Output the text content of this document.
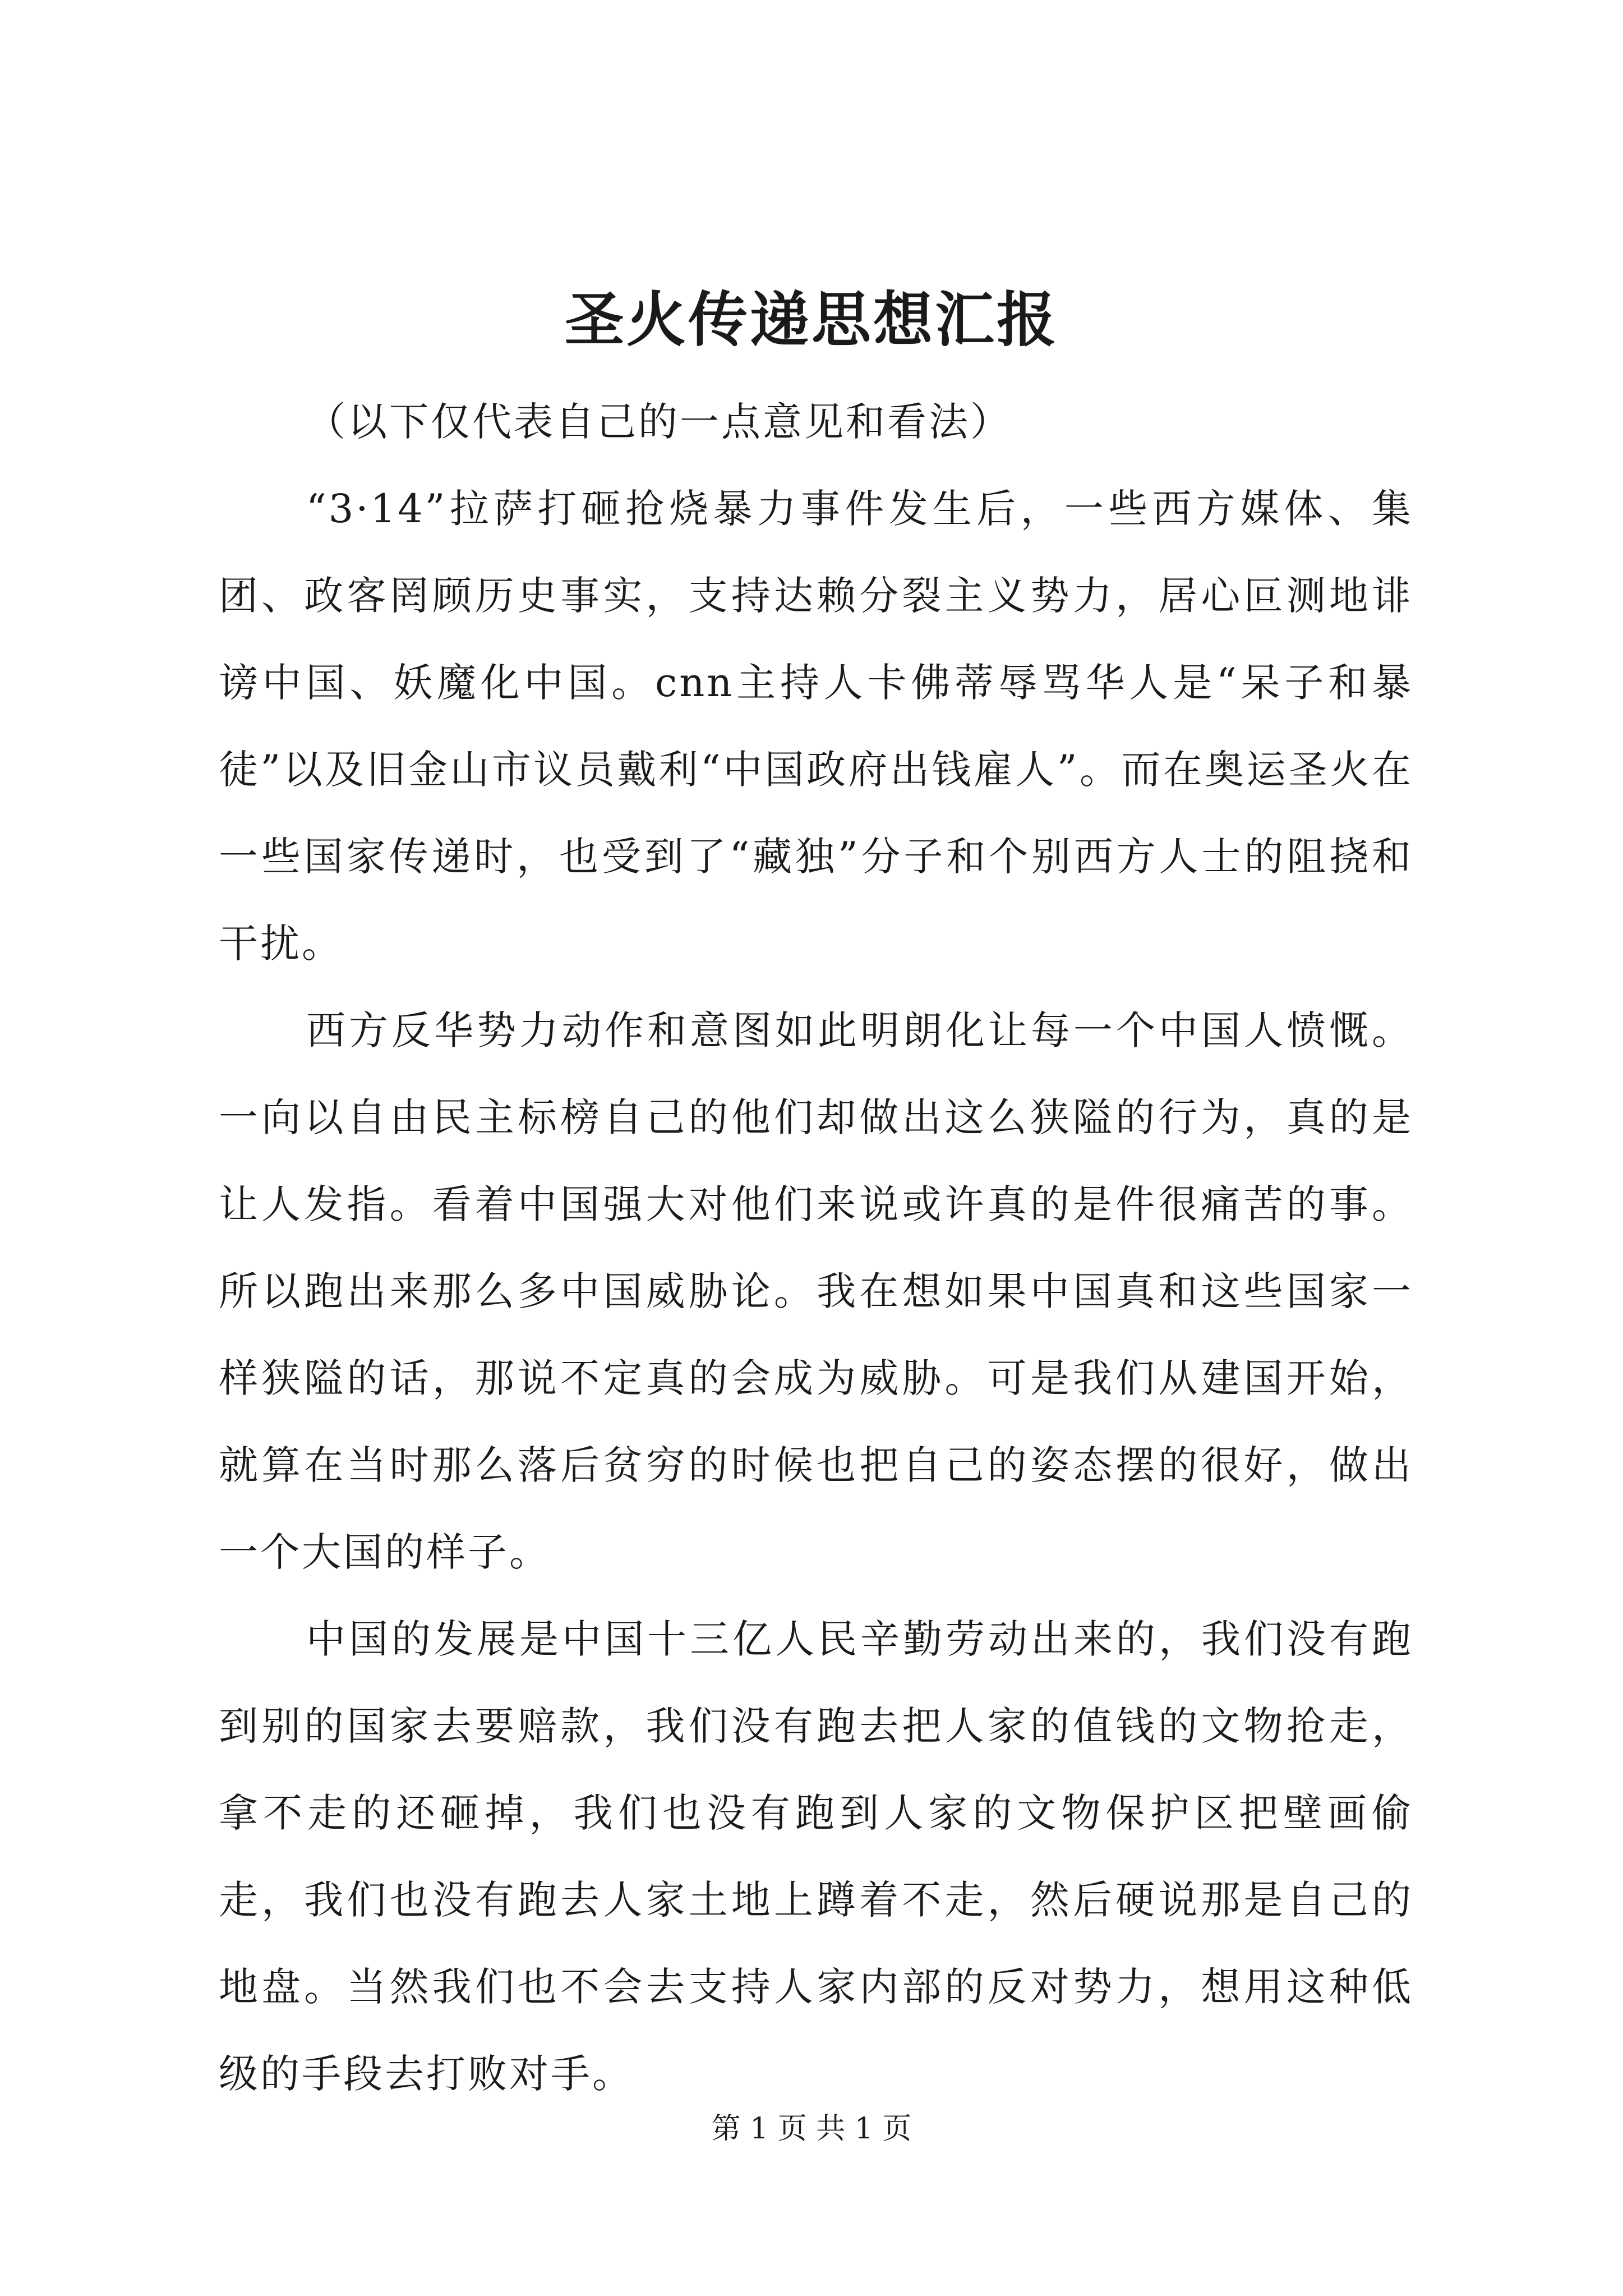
圣火传递思想汇报

（以下仅代表自己的一点意见和看法）

“3·14”拉萨打砸抢烧暴力事件发生后，一些西方媒体、集团、政客罔顾历史事实，支持达赖分裂主义势力，居心叵测地诽谤中国、妖魔化中国。cnn主持人卡佛蒂辱骂华人是“呆子和暴徒”以及旧金山市议员戴利“中国政府出钱雇人”。而在奥运圣火在一些国家传递时，也受到了“藏独”分子和个别西方人士的阻挠和干扰。

西方反华势力动作和意图如此明朗化让每一个中国人愤慨。一向以自由民主标榜自己的他们却做出这么狭隘的行为，真的是让人发指。看着中国强大对他们来说或许真的是件很痛苦的事。所以跑出来那么多中国威胁论。我在想如果中国真和这些国家一样狭隘的话，那说不定真的会成为威胁。可是我们从建国开始，就算在当时那么落后贫穷的时候也把自己的姿态摆的很好，做出一个大国的样子。

中国的发展是中国十三亿人民辛勤劳动出来的，我们没有跑到别的国家去要赔款，我们没有跑去把人家的值钱的文物抢走，拿不走的还砸掉，我们也没有跑到人家的文物保护区把壁画偷走，我们也没有跑去人家土地上蹲着不走，然后硬说那是自己的地盘。当然我们也不会去支持人家内部的反对势力，想用这种低级的手段去打败对手。

第 1 页 共 1 页
